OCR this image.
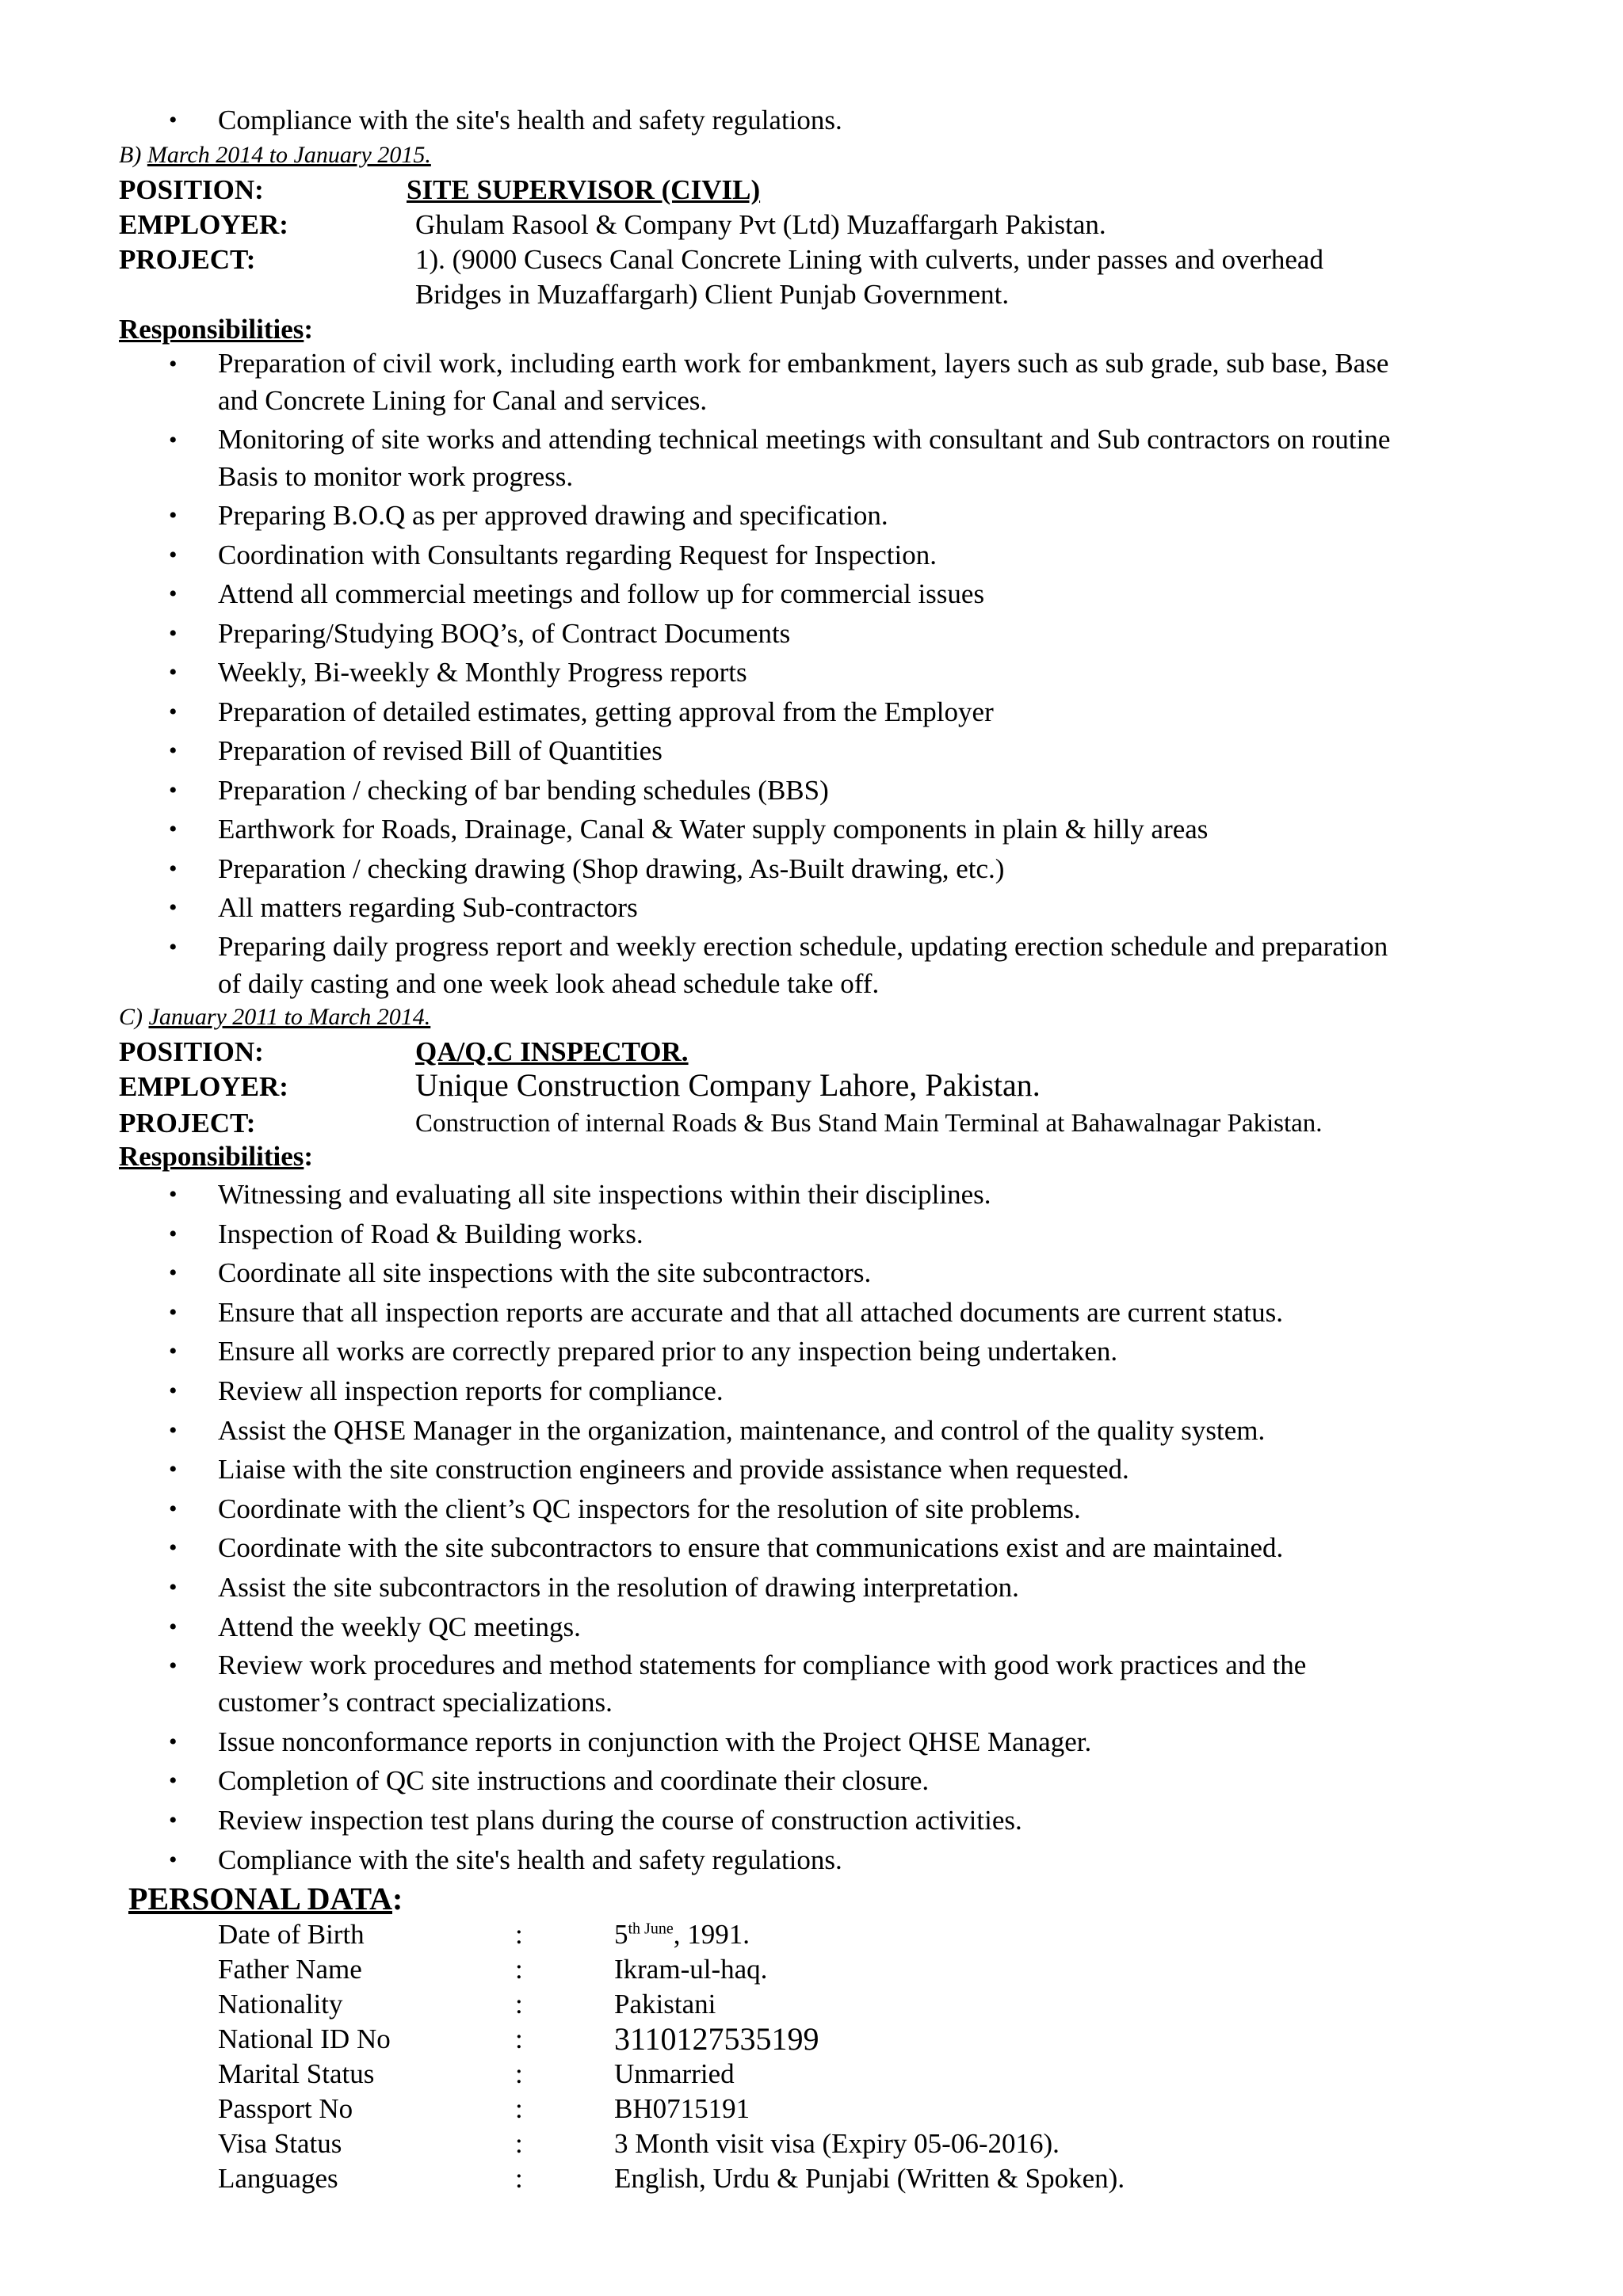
• Compliance with the site's health and safety regulations.
B) March 2014 to January 2015.
POSITION:	SITE SUPERVISOR (CIVIL)
EMPLOYER:	Ghulam Rasool & Company Pvt (Ltd) Muzaffargarh Pakistan.
PROJECT:	1). (9000 Cusecs Canal Concrete Lining with culverts, under passes and overhead
Bridges in Muzaffargarh) Client Punjab Government.
Responsibilities:
• Preparation of civil work, including earth work for embankment, layers such as sub grade, sub base, Base
and Concrete Lining for Canal and services.
• Monitoring of site works and attending technical meetings with consultant and Sub contractors on routine
Basis to monitor work progress.
• Preparing B.O.Q as per approved drawing and specification.
• Coordination with Consultants regarding Request for Inspection.
• Attend all commercial meetings and follow up for commercial issues
• Preparing/Studying BOQ’s, of Contract Documents
• Weekly, Bi-weekly & Monthly Progress reports
• Preparation of detailed estimates, getting approval from the Employer
• Preparation of revised Bill of Quantities
• Preparation / checking of bar bending schedules (BBS)
• Earthwork for Roads, Drainage, Canal & Water supply components in plain & hilly areas
• Preparation / checking drawing (Shop drawing, As-Built drawing, etc.)
• All matters regarding Sub-contractors
• Preparing daily progress report and weekly erection schedule, updating erection schedule and preparation
of daily casting and one week look ahead schedule take off.
C) January 2011 to March 2014.
POSITION:	QA/Q.C INSPECTOR.
EMPLOYER:	Unique Construction Company Lahore, Pakistan.
PROJECT:	Construction of internal Roads & Bus Stand Main Terminal at Bahawalnagar Pakistan.
Responsibilities:
• Witnessing and evaluating all site inspections within their disciplines.
• Inspection of Road & Building works.
• Coordinate all site inspections with the site subcontractors.
• Ensure that all inspection reports are accurate and that all attached documents are current status.
• Ensure all works are correctly prepared prior to any inspection being undertaken.
• Review all inspection reports for compliance.
• Assist the QHSE Manager in the organization, maintenance, and control of the quality system.
• Liaise with the site construction engineers and provide assistance when requested.
• Coordinate with the client’s QC inspectors for the resolution of site problems.
• Coordinate with the site subcontractors to ensure that communications exist and are maintained.
• Assist the site subcontractors in the resolution of drawing interpretation.
• Attend the weekly QC meetings.
• Review work procedures and method statements for compliance with good work practices and the
customer’s contract specializations.
• Issue nonconformance reports in conjunction with the Project QHSE Manager.
• Completion of QC site instructions and coordinate their closure.
• Review inspection test plans during the course of construction activities.
• Compliance with the site's health and safety regulations.
PERSONAL DATA:
Date of Birth	:	$5^{th June}$, 1991.
Father Name	:	Ikram-ul-haq.
Nationality	:	Pakistani
National ID No	:	3110127535199
Marital Status	:	Unmarried
Passport No	:	BH0715191
Visa Status	:	3 Month visit visa (Expiry 05-06-2016).
Languages	:	English, Urdu & Punjabi (Written & Spoken).
